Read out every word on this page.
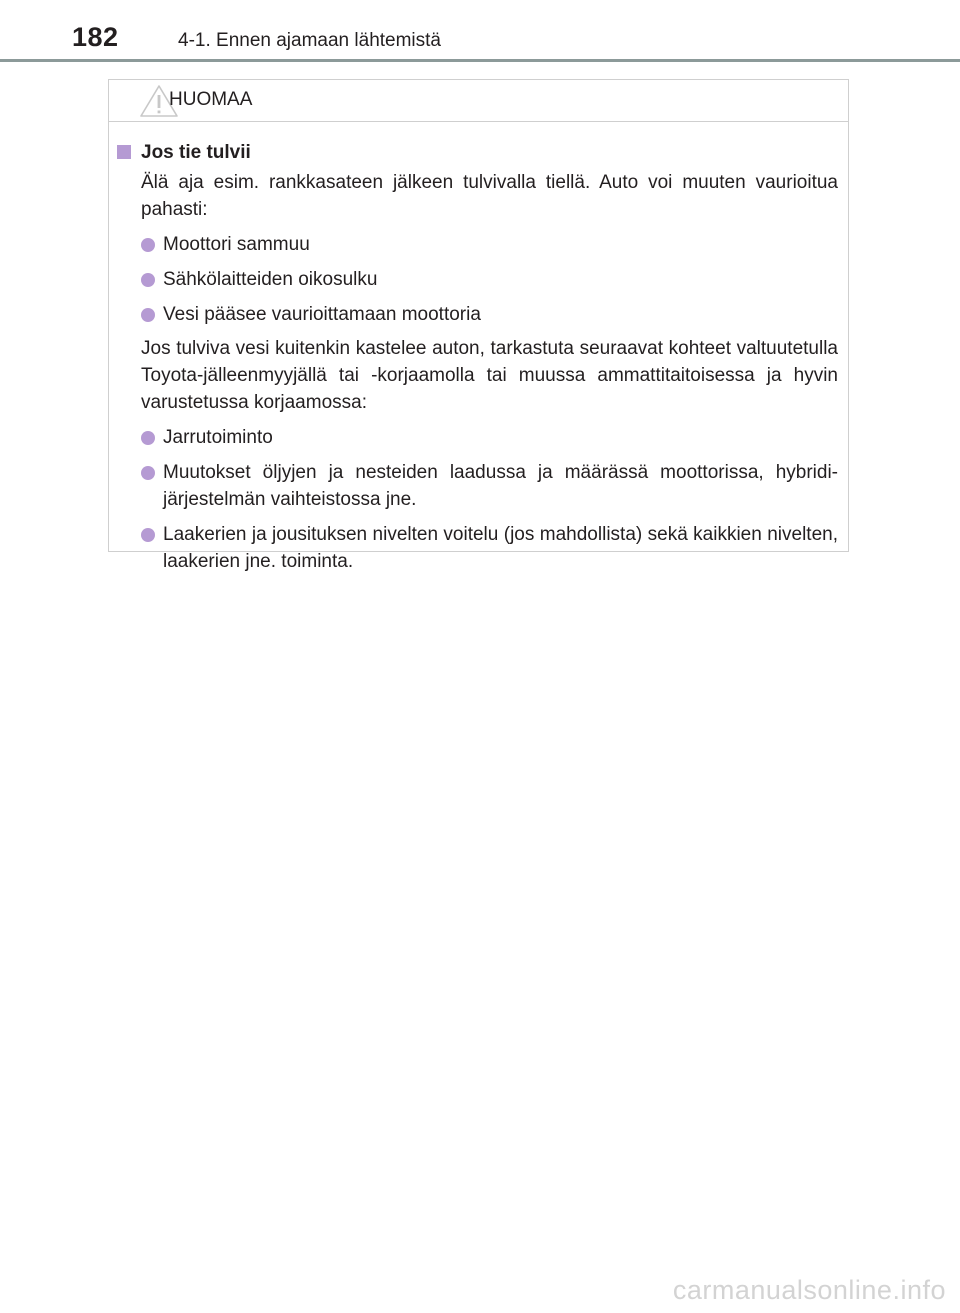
182	4-1. Ennen ajamaan lähtemistä
HUOMAA
Jos tie tulvii

Älä aja esim. rankkasateen jälkeen tulvivalla tiellä. Auto voi muuten vaurioitua pahasti:

Moottori sammuu
Sähkölaitteiden oikosulku
Vesi pääsee vaurioittamaan moottoria

Jos tulviva vesi kuitenkin kastelee auton, tarkastuta seuraavat kohteet valtuutetulla Toyota-jälleenmyyjällä tai -korjaamolla tai muussa ammattitaitoisessa ja hyvin varustetussa korjaamossa:

Jarrutoiminto
Muutokset öljyjen ja nesteiden laadussa ja määrässä moottorissa, hybridijärjestelmän vaihteistossa jne.
Laakerien ja jousituksen nivelten voitelu (jos mahdollista) sekä kaikkien nivelten, laakerien jne. toiminta.
carmanualsonline.info
